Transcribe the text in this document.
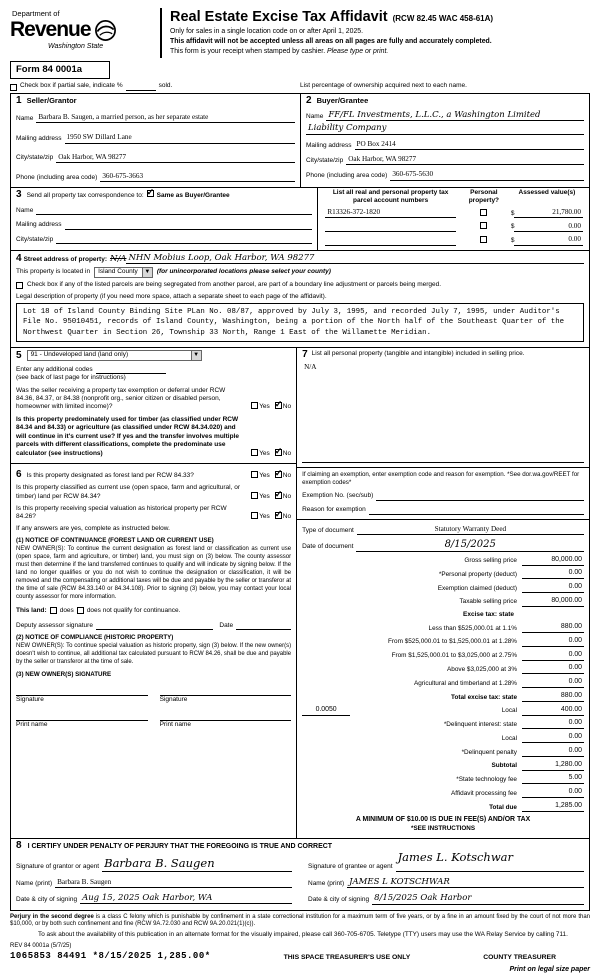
Department of
Revenue
Washington State
Real Estate Excise Tax Affidavit (RCW 82.45 WAC 458-61A)
Only for sales in a single location code on or after April 1, 2025.
This affidavit will not be accepted unless all areas on all pages are fully and accurately completed.
This form is your receipt when stamped by cashier. Please type or print.
Form 84 0001a
Check box if partial sale, indicate %	sold.	List percentage of ownership acquired next to each name.
1 Seller/Grantor
Name Barbara B. Saugen, a married person, as her separate estate
Mailing address 1950 SW Dillard Lane
City/state/zip Oak Harbor, WA 98277
Phone (including area code) 360-675-3663
2 Buyer/Grantee
Name FF/FL Investments, L.L.C., a Washington Limited
Liability Company
Mailing address PO Box 2414
City/state/zip Oak Harbor, WA 98277
Phone (including area code) 360-675-5630
3 Send all property tax correspondence to: ✓ Same as Buyer/Grantee
Name
Mailing address
City/state/zip
List all real and personal property tax parcel account numbers
Personal property?
Assessed value(s)
R13326-372-1820	$	21,780.00
$	0.00
$	0.00
4 Street address of property: N/A NHN Mobius Loop, Oak Harbor, WA 98277
This property is located in Island County ▼	(for unincorporated locations please select your county)
Check box if any of the listed parcels are being segregated from another parcel, are part of a boundary line adjustment or parcels being merged.
Legal description of property (if you need more space, attach a separate sheet to each page of the affidavit).
Lot 18 of Island County Binding Site PLan No. 08/87, approved by July 3, 1995, and recorded July 7, 1995, under Auditor's File No. 95010451, records of Island County, Washington, being a portion of the North half of the Southeast Quarter of the Northwest Quarter in Section 26, Township 33 North, Range 1 East of the Willamette Meridian.
5	91 - Undeveloped land (land only)
▼
Enter any additional codes
(see back of last page for instructions)
Was the seller receiving a property tax exemption or deferral under RCW 84.36, 84.37, or 84.38 (nonprofit org., senior citizen or disabled person, homeowner with limited income)?	Yes ✓ No
Is this property predominately used for timber (as classified under RCW 84.34 and 84.33) or agriculture (as classified under RCW 84.34.020) and will continue in it's current use? If yes and the transfer involves multiple parcels with different classifications, complete the predominate use calculator (see instructions)	Yes ✓ No
6 Is this property designated as forest land per RCW 84.33?	Yes ✓ No
Is this property classified as current use (open space, farm and agricultural, or timber) land per RCW 84.34?	Yes ✓ No
Is this property receiving special valuation as historical property per RCW 84.26?	Yes ✓ No
If any answers are yes, complete as instructed below.
(1) NOTICE OF CONTINUANCE (FOREST LAND OR CURRENT USE)
NEW OWNER(S): To continue the current designation as forest land or classification as current use (open space, farm and agriculture, or timber) land, you must sign on (3) below. The county assessor must then determine if the land transferred continues to qualify and will indicate by signing below. If the land no longer qualifies or you do not wish to continue the designation or classification, it will be removed and the compensating or additional taxes will be due and payable by the seller or transferor at the time of sale (RCW 84.33.140 or 84.34.108). Prior to signing (3) below, you may contact your local county assessor for more information.
This land: does does not qualify for continuance.
Deputy assessor signature	Date
(2) NOTICE OF COMPLIANCE (HISTORIC PROPERTY)
NEW OWNER(S): To continue special valuation as historic property, sign (3) below. If the new owner(s) doesn't wish to continue, all additional tax calculated pursuant to RCW 84.26, shall be due and payable by the seller or transferor at the time of sale.
(3) NEW OWNER(S) SIGNATURE
Signature	Signature
Print name	Print name
7 List all personal property (tangible and intangible) included in selling price.
N/A
If claiming an exemption, enter exemption code and reason for exemption. *See dor.wa.gov/REET for exemption codes*
Exemption No. (sec/sub)
Reason for exemption
Type of document	Statutory Warranty Deed
Date of document	8/15/2025
Gross selling price	80,000.00
*Personal property (deduct)	0.00
Exemption claimed (deduct)	0.00
Taxable selling price	80,000.00
Excise tax: state
Less than $525,000.01 at 1.1%	880.00
From $525,000.01 to $1,525,000.01 at 1.28%	0.00
From $1,525,000.01 to $3,025,000 at 2.75%	0.00
Above $3,025,000 at 3%	0.00
Agricultural and timberland at 1.28%	0.00
Total excise tax: state	880.00
0.0050	Local	400.00
*Delinquent interest: state	0.00
Local	0.00
*Delinquent penalty	0.00
Subtotal	1,280.00
*State technology fee	5.00
Affidavit processing fee	0.00
Total due	1,285.00
A MINIMUM OF $10.00 IS DUE IN FEE(S) AND/OR TAX
*SEE INSTRUCTIONS
8 I CERTIFY UNDER PENALTY OF PERJURY THAT THE FOREGOING IS TRUE AND CORRECT
Signature of grantor or agent Barbara B. Saugen
Name (print) Barbara B. Saugen
Date & city of signing Aug 15, 2025 Oak Harbor, WA
Signature of grantee or agent
James L. Kotschwar
Name (print) JAMES L KOTSCHWAR
Date & city of signing 8/15/2025 Oak Harbor
Perjury in the second degree is a class C felony which is punishable by confinement in a state correctional institution for a maximum term of five years, or by a fine in an amount fixed by the court of not more than $10,000, or by both such confinement and fine (RCW 9A.72.030 and RCW 9A.20.021(1)(c)).
To ask about the availability of this publication in an alternate format for the visually impaired, please call 360-705-6705. Teletype (TTY) users may use the WA Relay Service by calling 711.
REV 84 0001a (5/7/25)
1065853 84491 *8/15/2025 1,285.00*	THIS SPACE TREASURER'S USE ONLY	COUNTY TREASURER
Print on legal size paper
